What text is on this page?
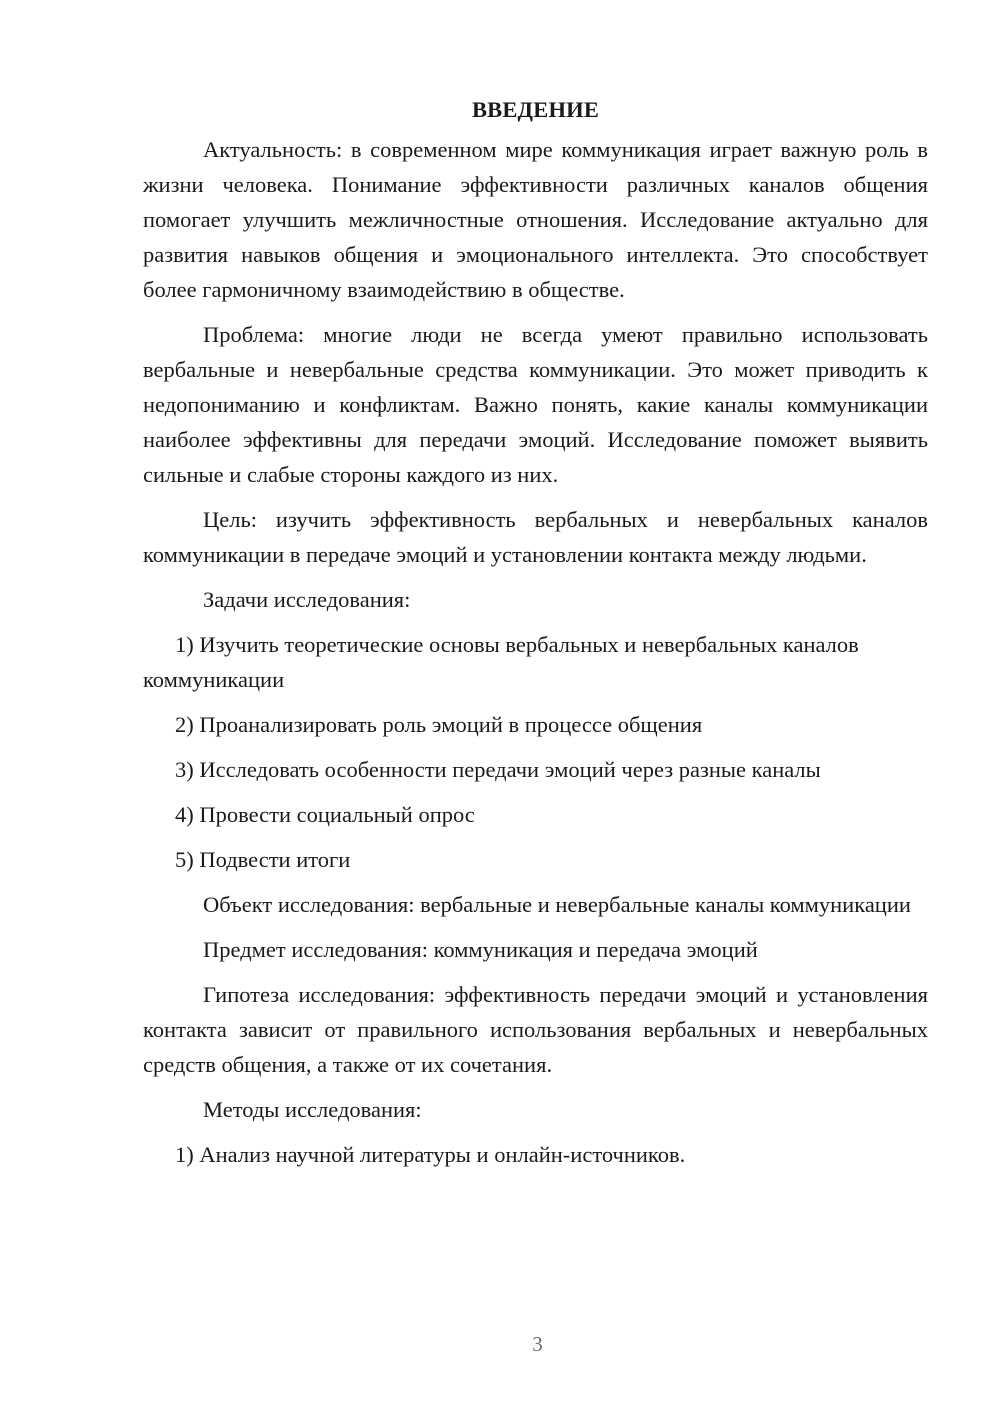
ВВЕДЕНИЕ

Актуальность: в современном мире коммуникация играет важную роль в жизни человека. Понимание эффективности различных каналов общения помогает улучшить межличностные отношения. Исследование актуально для развития навыков общения и эмоционального интеллекта. Это способствует более гармоничному взаимодействию в обществе.

Проблема: многие люди не всегда умеют правильно использовать вербальные и невербальные средства коммуникации. Это может приводить к недопониманию и конфликтам. Важно понять, какие каналы коммуникации наиболее эффективны для передачи эмоций. Исследование поможет выявить сильные и слабые стороны каждого из них.

Цель: изучить эффективность вербальных и невербальных каналов коммуникации в передаче эмоций и установлении контакта между людьми.

Задачи исследования:

1) Изучить теоретические основы вербальных и невербальных каналов коммуникации

2) Проанализировать роль эмоций в процессе общения

3) Исследовать особенности передачи эмоций через разные каналы

4) Провести социальный опрос

5) Подвести итоги

Объект исследования: вербальные и невербальные каналы коммуникации

Предмет исследования: коммуникация и передача эмоций

Гипотеза исследования: эффективность передачи эмоций и установления контакта зависит от правильного использования вербальных и невербальных средств общения, а также от их сочетания.

Методы исследования:

1) Анализ научной литературы и онлайн-источников.

3
